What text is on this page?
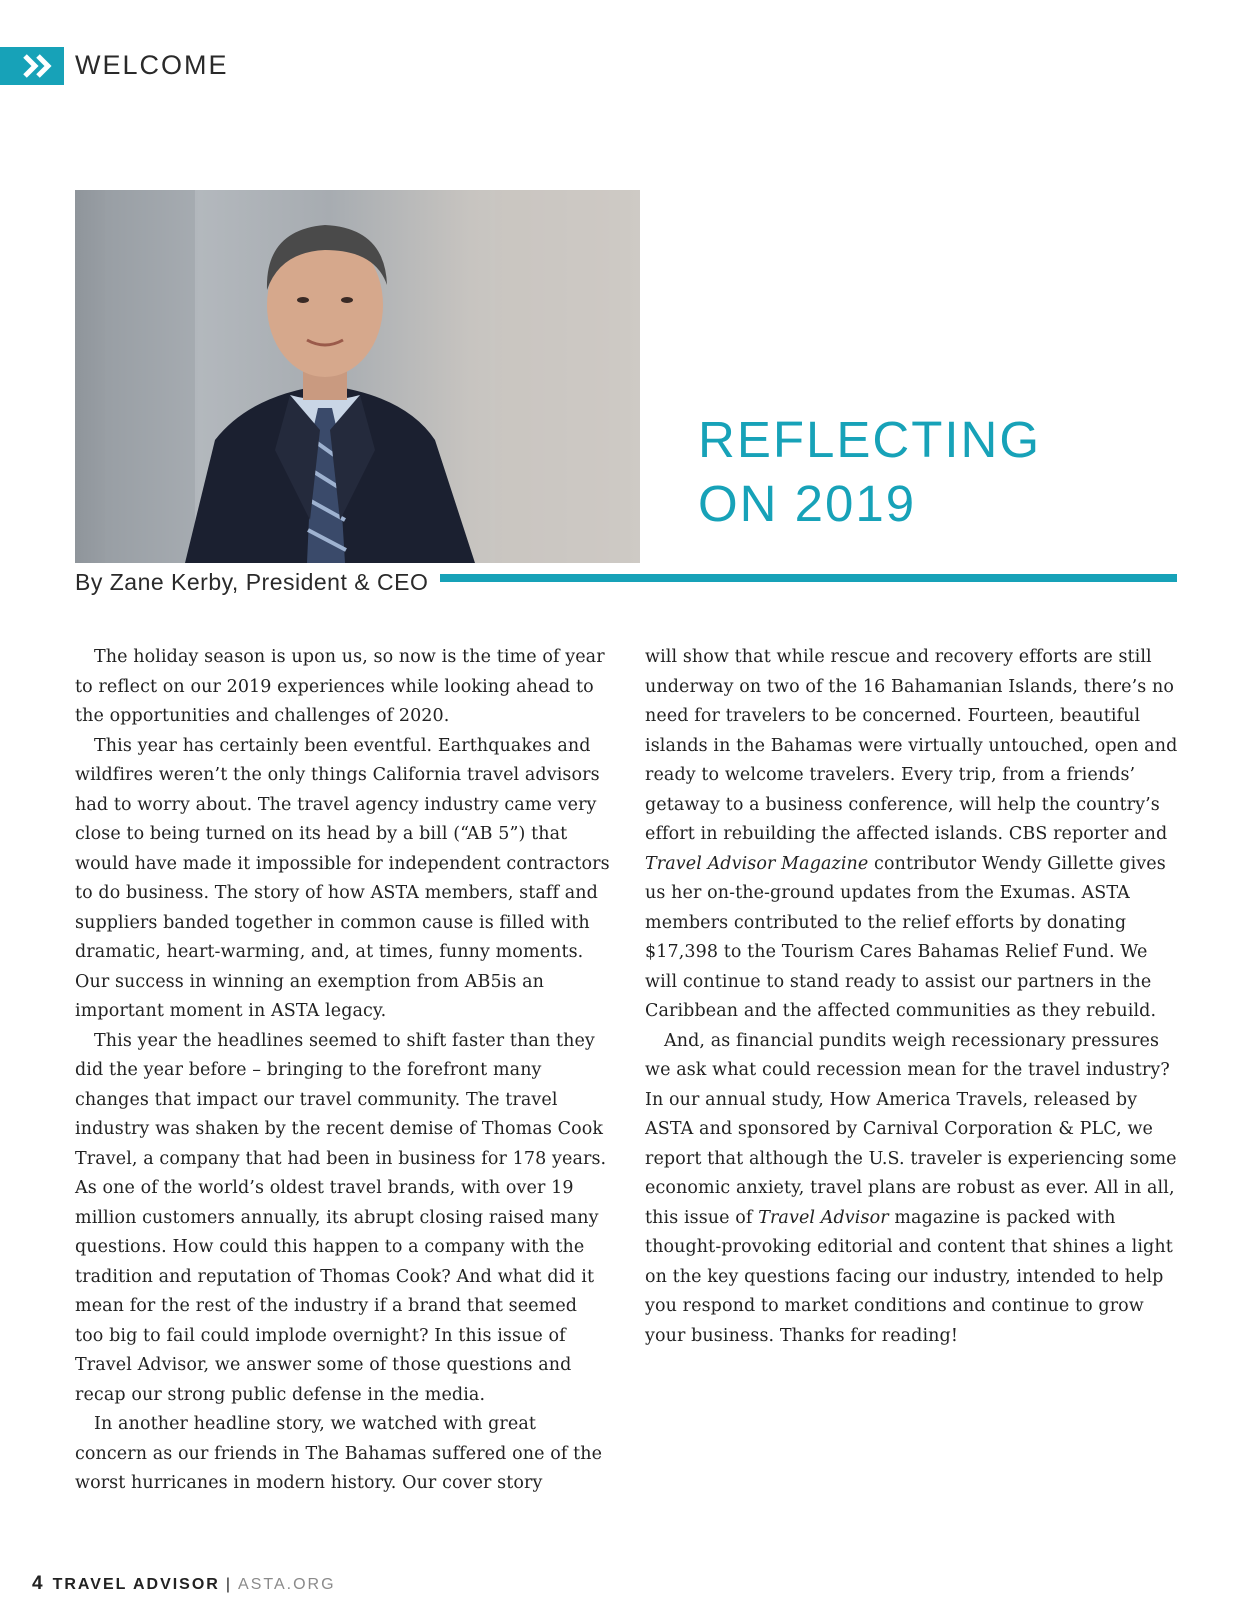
WELCOME
REFLECTING
ON 2019
By Zane Kerby, President & CEO

The holiday season is upon us, so now is the time of year to reflect on our 2019 experiences while looking ahead to the opportunities and challenges of 2020.

This year has certainly been eventful. Earthquakes and wildfires weren’t the only things California travel advisors had to worry about. The travel agency industry came very close to being turned on its head by a bill (“AB 5”) that would have made it impossible for independent contractors to do business. The story of how ASTA members, staff and suppliers banded together in common cause is filled with dramatic, heart-warming, and, at times, funny moments. Our success in winning an exemption from AB5is an important moment in ASTA legacy.

This year the headlines seemed to shift faster than they did the year before – bringing to the forefront many changes that impact our travel community. The travel industry was shaken by the recent demise of Thomas Cook Travel, a company that had been in business for 178 years. As one of the world’s oldest travel brands, with over 19 million customers annually, its abrupt closing raised many questions. How could this happen to a company with the tradition and reputation of Thomas Cook? And what did it mean for the rest of the industry if a brand that seemed too big to fail could implode overnight? In this issue of Travel Advisor, we answer some of those questions and recap our strong public defense in the media.

In another headline story, we watched with great concern as our friends in The Bahamas suffered one of the worst hurricanes in modern history. Our cover story

will show that while rescue and recovery efforts are still underway on two of the 16 Bahamanian Islands, there’s no need for travelers to be concerned. Fourteen, beautiful islands in the Bahamas were virtually untouched, open and ready to welcome travelers. Every trip, from a friends’ getaway to a business conference, will help the country’s effort in rebuilding the affected islands. CBS reporter and Travel Advisor Magazine contributor Wendy Gillette gives us her on-the-ground updates from the Exumas. ASTA members contributed to the relief efforts by donating $17,398 to the Tourism Cares Bahamas Relief Fund. We will continue to stand ready to assist our partners in the Caribbean and the affected communities as they rebuild.

And, as financial pundits weigh recessionary pressures we ask what could recession mean for the travel industry? In our annual study, How America Travels, released by ASTA and sponsored by Carnival Corporation & PLC, we report that although the U.S. traveler is experiencing some economic anxiety, travel plans are robust as ever. All in all, this issue of Travel Advisor magazine is packed with thought-provoking editorial and content that shines a light on the key questions facing our industry, intended to help you respond to market conditions and continue to grow your business. Thanks for reading!

4 TRAVEL ADVISOR | ASTA.ORG
